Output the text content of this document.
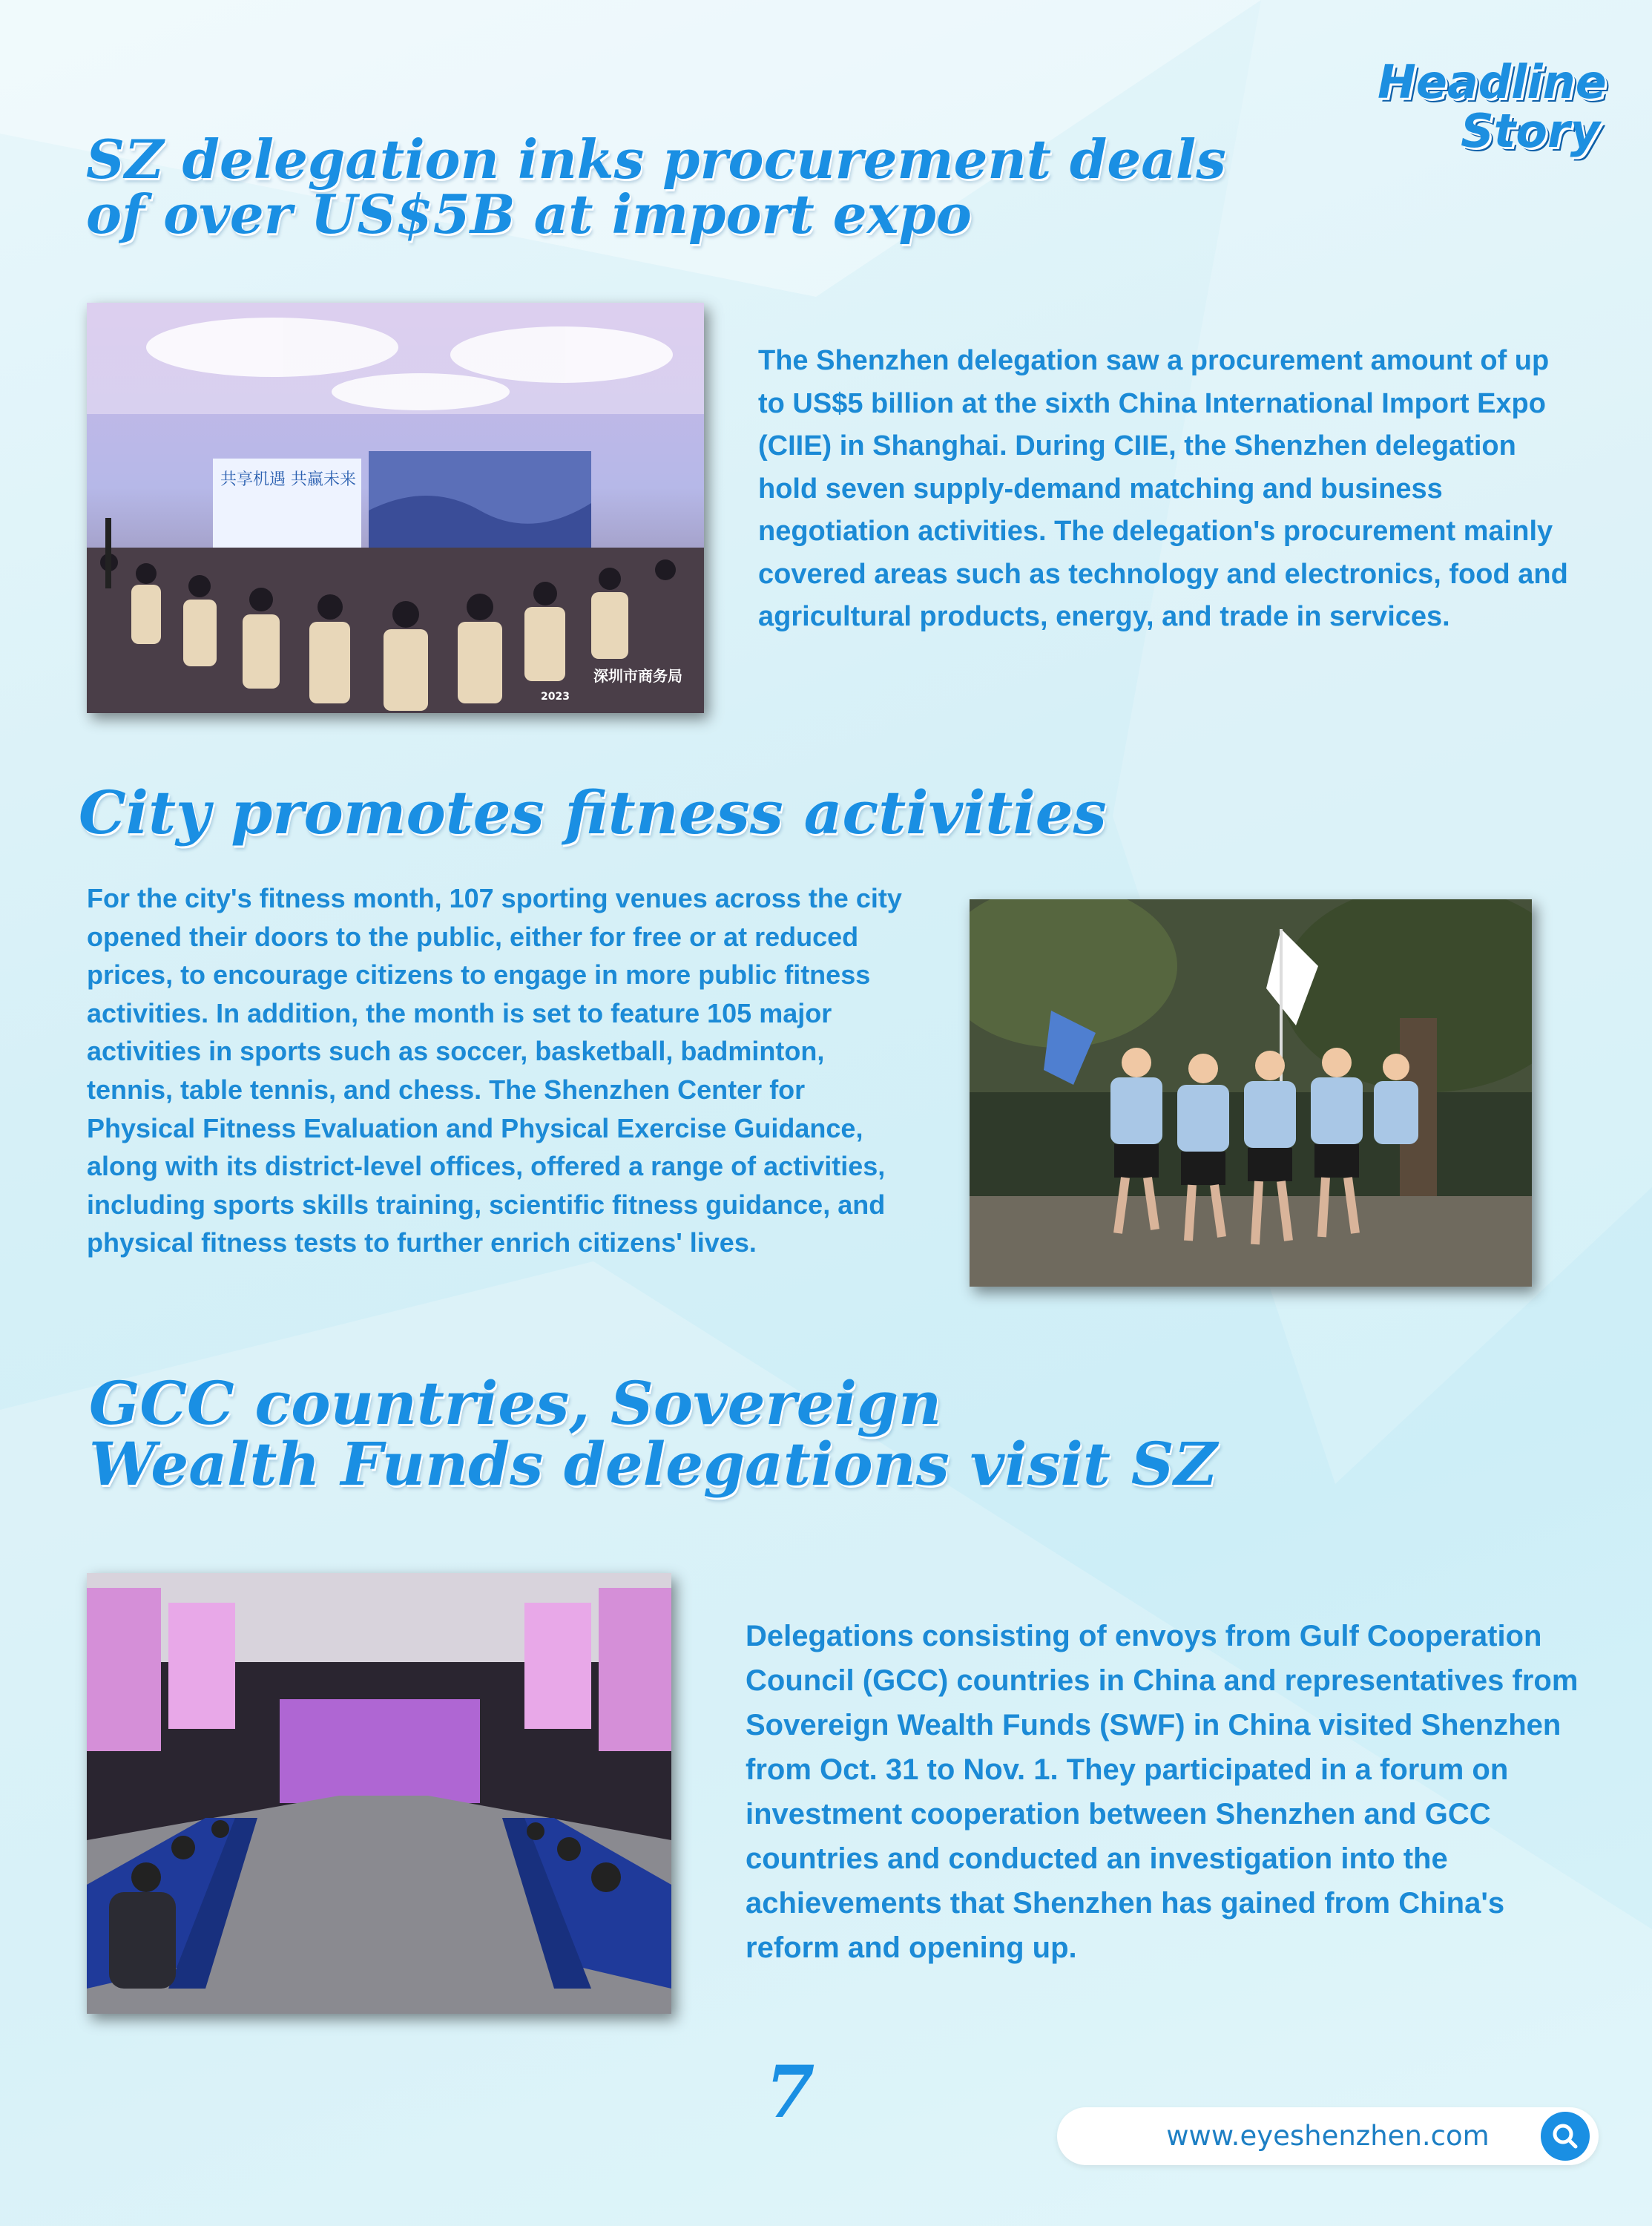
Headline
Story
SZ delegation inks procurement deals
of over US$5B at import expo
共享机遇 共赢未来
深圳市商务局
2023

The Shenzhen delegation saw a procurement amount of up to US$5 billion at the sixth China International Import Expo (CIIE) in Shanghai. During CIIE, the Shenzhen delegation hold seven supply-demand matching and business negotiation activities. The delegation's procurement mainly covered areas such as technology and electronics, food and agricultural products, energy, and trade in services.

City promotes fitness activities

For the city's fitness month, 107 sporting venues across the city opened their doors to the public, either for free or at reduced prices, to encourage citizens to engage in more public fitness activities. In addition, the month is set to feature 105 major activities in sports such as soccer, basketball, badminton, tennis, table tennis, and chess. The Shenzhen Center for Physical Fitness Evaluation and Physical Exercise Guidance, along with its district-level offices, offered a range of activities, including sports skills training, scientific fitness guidance, and physical fitness tests to further enrich citizens' lives.

GCC countries, Sovereign
Wealth Funds delegations visit SZ

Delegations consisting of envoys from Gulf Cooperation Council (GCC) countries in China and representatives from Sovereign Wealth Funds (SWF) in China visited Shenzhen from Oct. 31 to Nov. 1. They participated in a forum on investment cooperation between Shenzhen and GCC countries and conducted an investigation into the achievements that Shenzhen has gained from China's reform and opening up.

7
www.eyeshenzhen.com
